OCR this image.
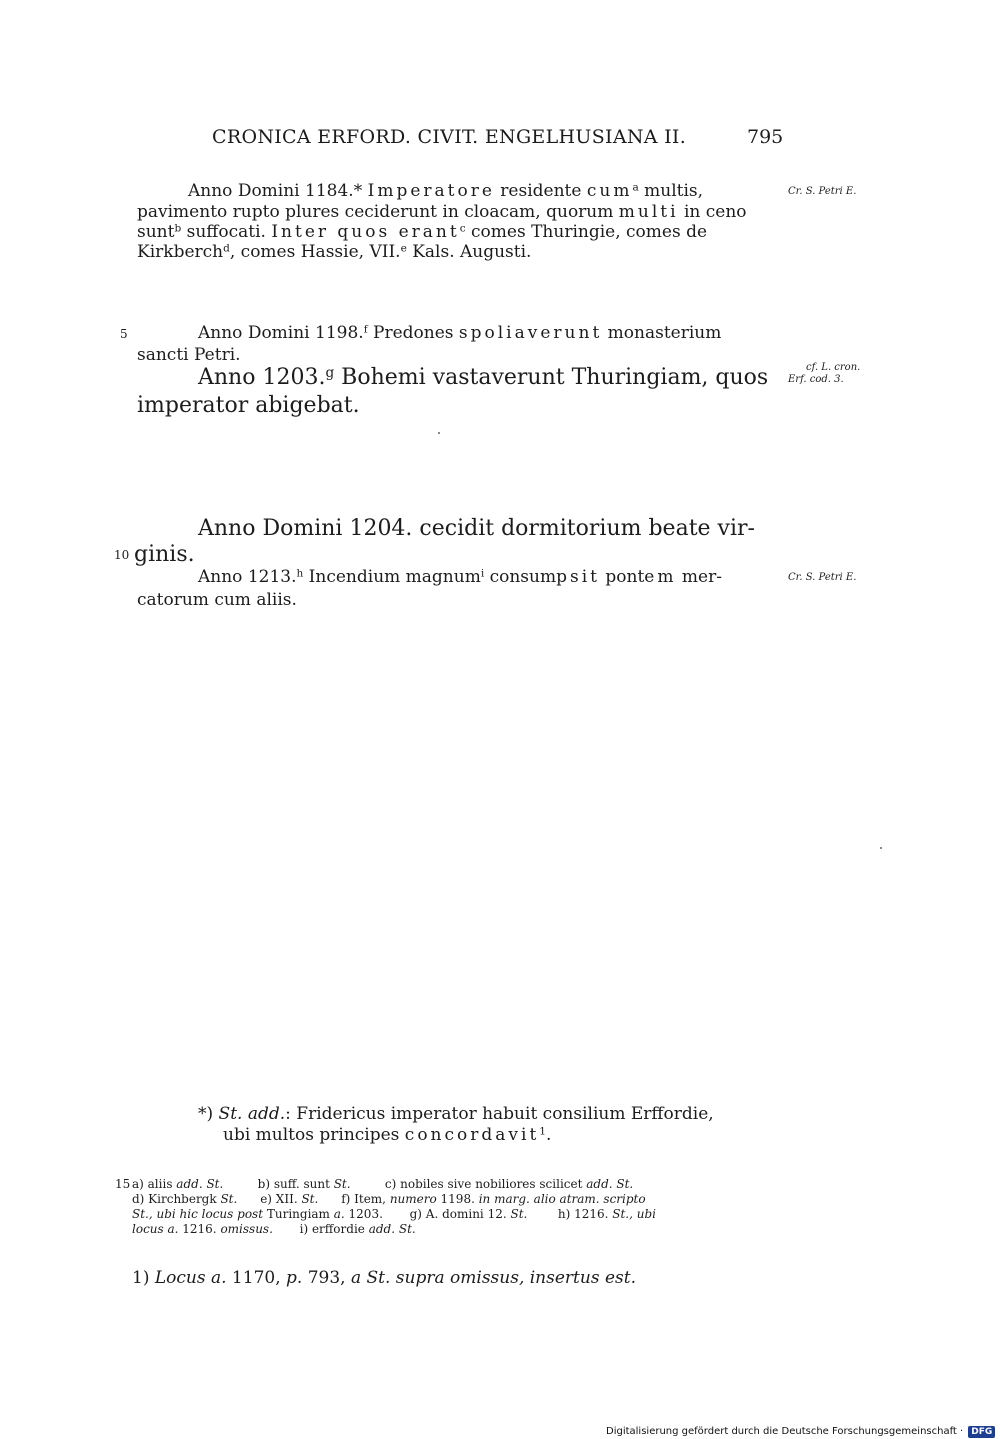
CRONICA ERFORD. CIVIT. ENGELHUSIANA II.	795
Anno Domini 1184.* Imperatore residente cum$^a$ multis,	Cr. S. Petri E.
pavimento rupto plures ceciderunt in cloacam, quorum multi in ceno
sunt$^b$ suffocati. Inter quos erant$^c$ comes Thuringie, comes de
Kirkberch$^d$, comes Hassie, VII.$^e$ Kals. Augusti.
5	Anno Domini 1198.$^f$ Predones spoliaverunt monasterium
sancti Petri.
Anno 1203.$^g$ Bohemi vastaverunt Thuringiam, quos	cf. L. cron.
Erf. cod. 3.
imperator abigebat.
Anno Domini 1204. cecidit dormitorium beate vir-
10 ginis.
Anno 1213.$^h$ Incendium magnum$^i$ consumpsit pontem mer-	Cr. S. Petri E.
catorum cum aliis.
*) St. add.: Fridericus imperator habuit consilium Erffordie,
ubi multos principes concordavit$^1$.
15 a) aliis add. St.	b) suff. sunt St.	c) nobiles sive nobiliores scilicet add. St.
d) Kirchbergk St. e) XII. St. f) Item, numero 1198. in marg. alio atram. scripto
St., ubi hic locus post Turingiam a. 1203. g) A. domini 12. St.	h) 1216. St., ubi
locus a. 1216. omissus. i) erffordie add. St.
1) Locus a. 1170, p. 793, a St. supra omissus, insertus est.
Digitalisierung gefördert durch die Deutsche Forschungsgemeinschaft · DFG
